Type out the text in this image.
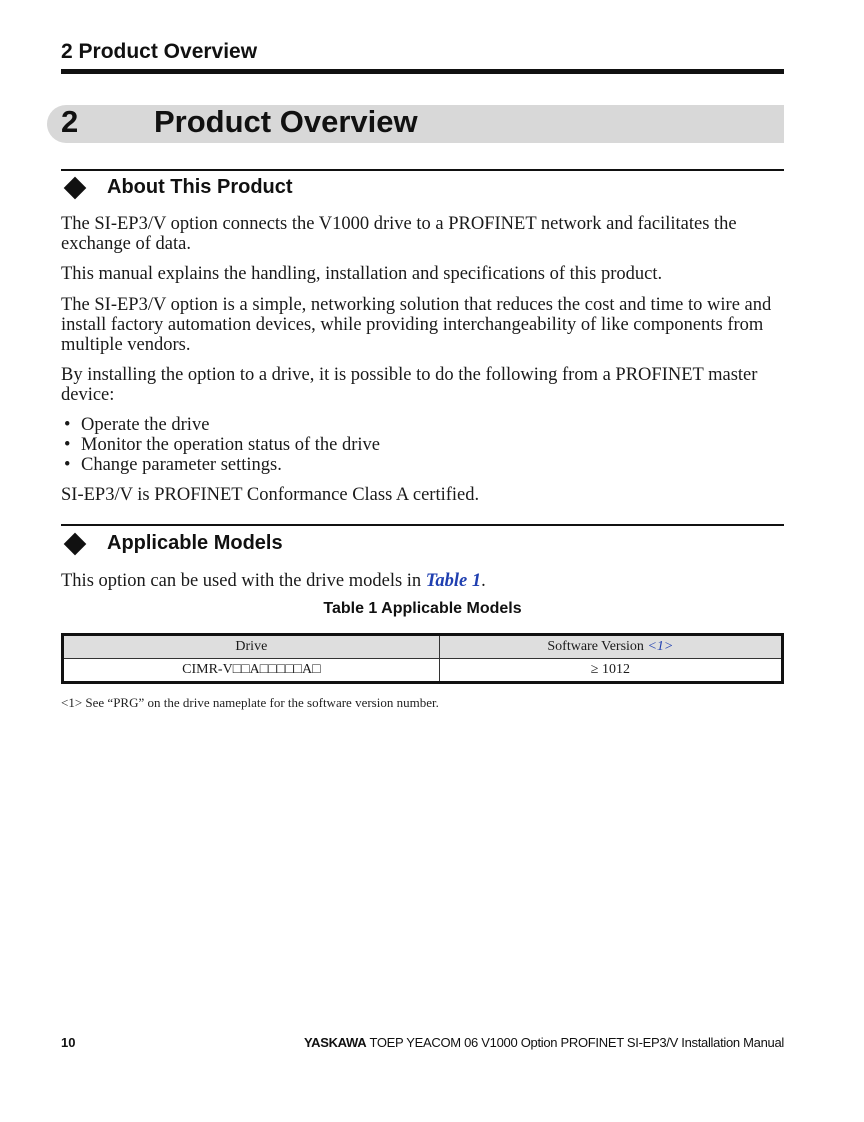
2 Product Overview
2 Product Overview
About This Product
The SI-EP3/V option connects the V1000 drive to a PROFINET network and facilitates the exchange of data.
This manual explains the handling, installation and specifications of this product.
The SI-EP3/V option is a simple, networking solution that reduces the cost and time to wire and install factory automation devices, while providing interchangeability of like components from multiple vendors.
By installing the option to a drive, it is possible to do the following from a PROFINET master device:
• Operate the drive
• Monitor the operation status of the drive
• Change parameter settings.
SI-EP3/V is PROFINET Conformance Class A certified.
Applicable Models
This option can be used with the drive models in Table 1.
Table 1 Applicable Models
Drive	Software Version <1>
CIMR-V□□A□□□□□A□	≥ 1012
<1> See “PRG” on the drive nameplate for the software version number.
10	YASKAWA TOEP YEACOM 06 V1000 Option PROFINET SI-EP3/V Installation Manual
